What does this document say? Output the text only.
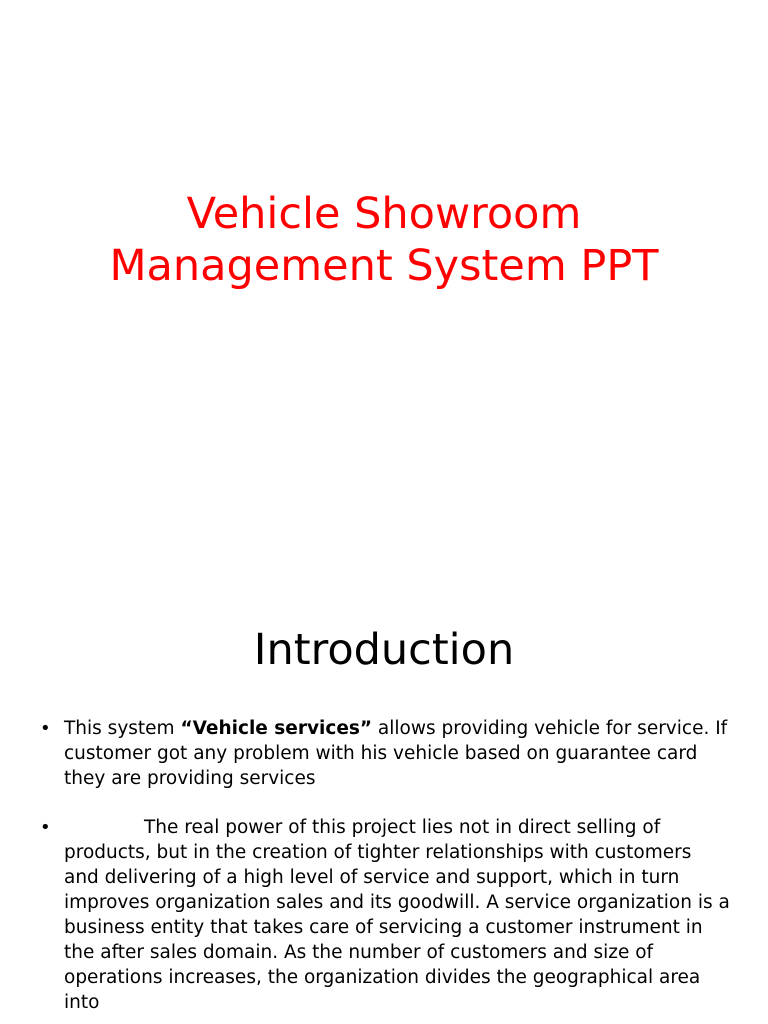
Vehicle Showroom
Management System PPT
Introduction
• This system “Vehicle services” allows providing vehicle for service. If customer got any problem with his vehicle based on guarantee card they are providing services
•	The real power of this project lies not in direct selling of products, but in the creation of tighter relationships with customers and delivering of a high level of service and support, which in turn improves organization sales and its goodwill. A service organization is a business entity that takes care of servicing a customer instrument in the after sales domain. As the number of customers and size of operations increases, the organization divides the geographical area into
